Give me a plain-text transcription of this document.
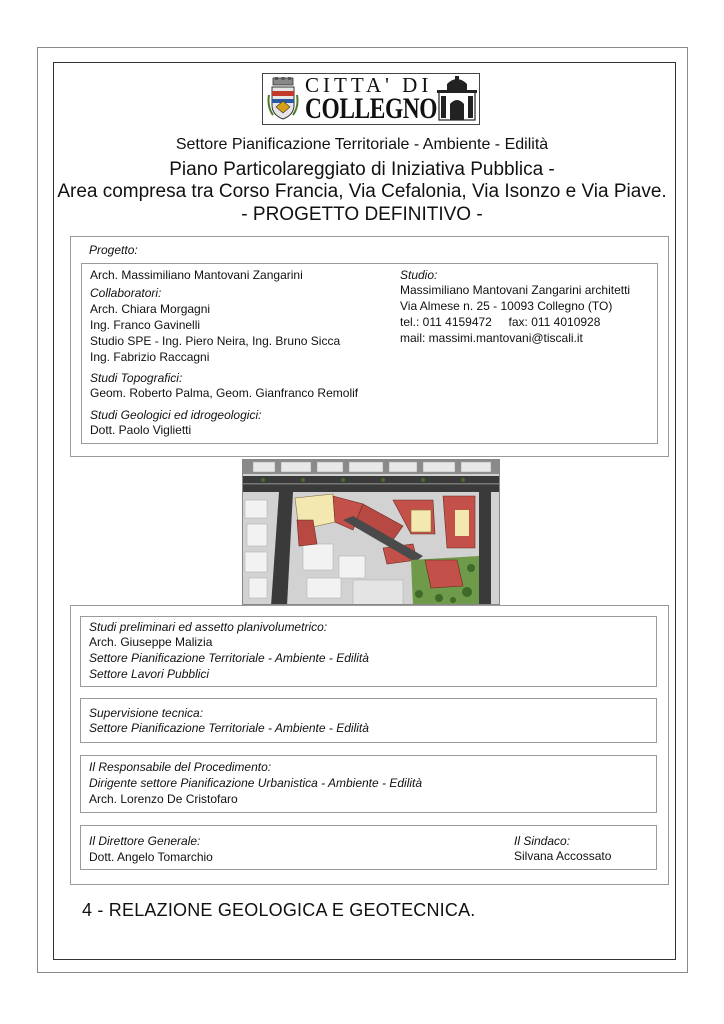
CITTA' DI
COLLEGNO
Settore Pianificazione Territoriale - Ambiente - Edilità
Piano Particolareggiato di Iniziativa Pubblica -
Area compresa tra Corso Francia, Via Cefalonia, Via Isonzo e Via Piave.
- PROGETTO DEFINITIVO -
Progetto:
Arch. Massimiliano Mantovani Zangarini
Collaboratori:
Arch. Chiara Morgagni
Ing. Franco Gavinelli
Studio SPE - Ing. Piero Neira, Ing. Bruno Sicca
Ing. Fabrizio Raccagni
Studi Topografici:
Geom. Roberto Palma, Geom. Gianfranco Remolif
Studi Geologici ed idrogeologici:
Dott. Paolo Viglietti
Studio:
Massimiliano Mantovani Zangarini architetti
Via Almese n. 25 - 10093 Collegno (TO)
tel.: 011 4159472     fax: 011 4010928
mail: massimi.mantovani@tiscali.it
Studi preliminari ed assetto planivolumetrico:
Arch. Giuseppe Malizia
Settore Pianificazione Territoriale - Ambiente - Edilità
Settore Lavori Pubblici
Supervisione tecnica:
Settore Pianificazione Territoriale - Ambiente - Edilità
Il Responsabile del Procedimento:
Dirigente settore Pianificazione Urbanistica - Ambiente - Edilità
Arch. Lorenzo De Cristofaro
Il Direttore Generale:
Dott. Angelo Tomarchio
Il Sindaco:
Silvana Accossato
4 - RELAZIONE GEOLOGICA E GEOTECNICA.
